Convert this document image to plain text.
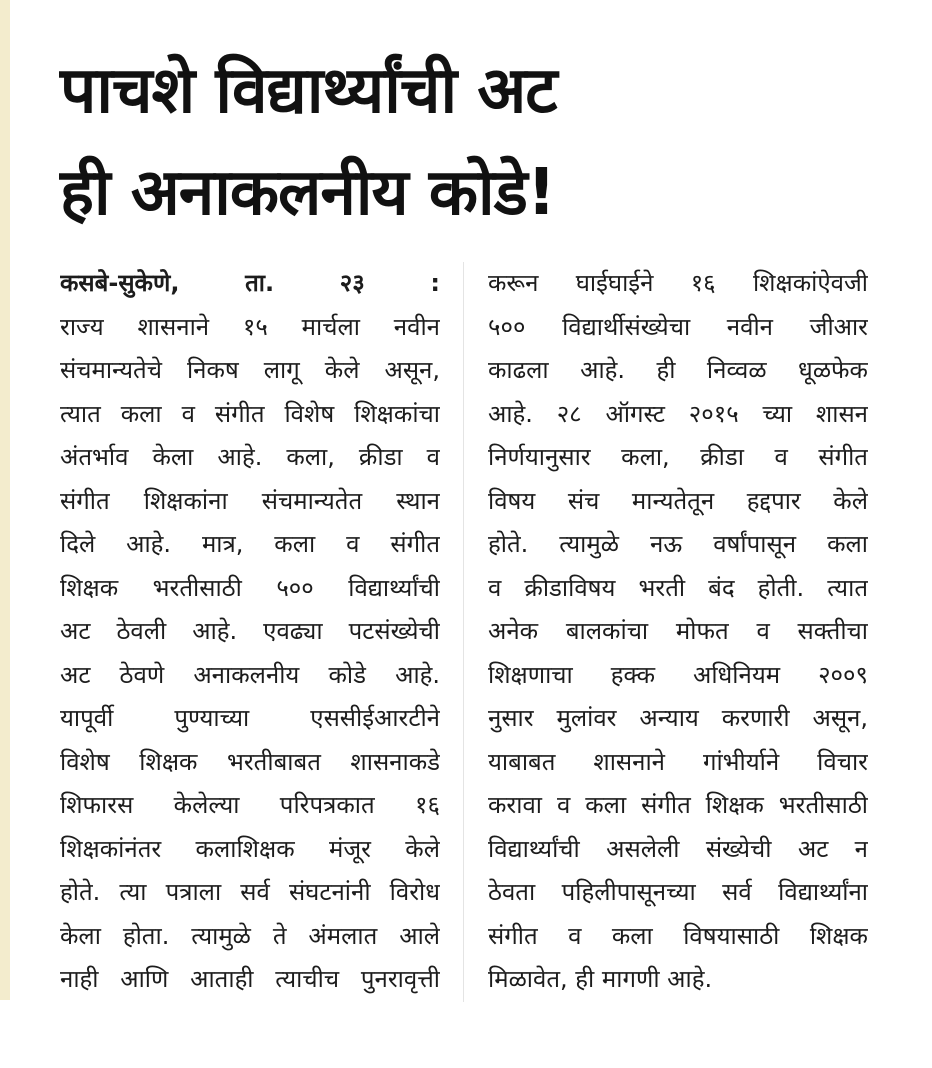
पाचशे विद्यार्थ्यांची अट
ही अनाकलनीय कोडे!
कसबे-सुकेणे, ता. २३ :
राज्य शासनाने १५ मार्चला नवीन
संचमान्यतेचे निकष लागू केले असून,
त्यात कला व संगीत विशेष शिक्षकांचा
अंतर्भाव केला आहे. कला, क्रीडा व
संगीत शिक्षकांना संचमान्यतेत स्थान
दिले आहे. मात्र, कला व संगीत
शिक्षक भरतीसाठी ५०० विद्यार्थ्यांची
अट ठेवली आहे. एवढ्या पटसंख्येची
अट ठेवणे अनाकलनीय कोडे आहे.
यापूर्वी पुण्याच्या एससीईआरटीने
विशेष शिक्षक भरतीबाबत शासनाकडे
शिफारस केलेल्या परिपत्रकात १६
शिक्षकांनंतर कलाशिक्षक मंजूर केले
होते. त्या पत्राला सर्व संघटनांनी विरोध
केला होता. त्यामुळे ते अंमलात आले
नाही आणि आताही त्याचीच पुनरावृत्ती
करून घाईघाईने १६ शिक्षकांऐवजी
५०० विद्यार्थीसंख्येचा नवीन जीआर
काढला आहे. ही निव्वळ धूळफेक
आहे. २८ ऑगस्ट २०१५ च्या शासन
निर्णयानुसार कला, क्रीडा व संगीत
विषय संच मान्यतेतून हद्दपार केले
होते. त्यामुळे नऊ वर्षांपासून कला
व क्रीडाविषय भरती बंद होती. त्यात
अनेक बालकांचा मोफत व सक्तीचा
शिक्षणाचा हक्क अधिनियम २००९
नुसार मुलांवर अन्याय करणारी असून,
याबाबत शासनाने गांभीर्याने विचार
करावा व कला संगीत शिक्षक भरतीसाठी
विद्यार्थ्यांची असलेली संख्येची अट न
ठेवता पहिलीपासूनच्या सर्व विद्यार्थ्यांना
संगीत व कला विषयासाठी शिक्षक
मिळावेत, ही मागणी आहे.
